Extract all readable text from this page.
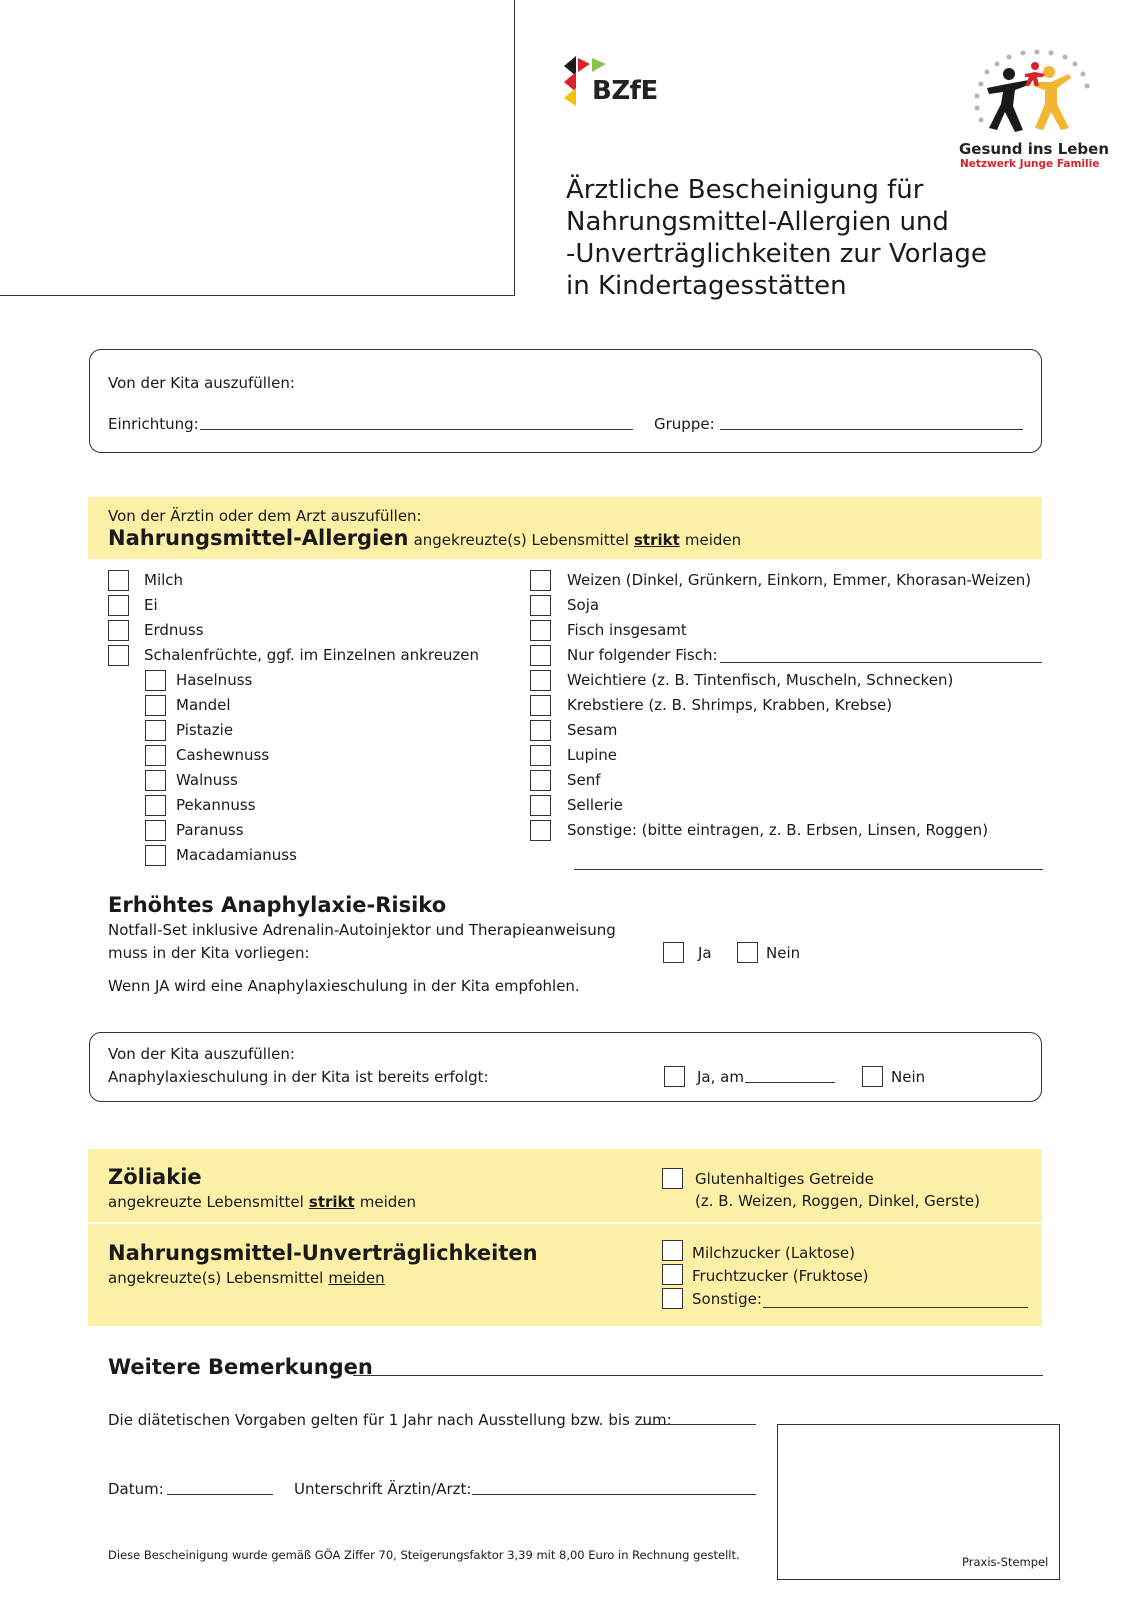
BZfE
Gesund ins Leben
Netzwerk Junge Familie
Ärztliche Bescheinigung für
Nahrungsmittel-Allergien und
-Unverträglichkeiten zur Vorlage
in Kindertagesstätten
Von der Kita auszufüllen:
Einrichtung:	Gruppe:
Von der Ärztin oder dem Arzt auszufüllen:
Nahrungsmittel-Allergien angekreuzte(s) Lebensmittel strikt meiden
Milch
Ei
Erdnuss
Schalenfrüchte, ggf. im Einzelnen ankreuzen
Haselnuss
Mandel
Pistazie
Cashewnuss
Walnuss
Pekannuss
Paranuss
Macadamianuss
Weizen (Dinkel, Grünkern, Einkorn, Emmer, Khorasan-Weizen)
Soja
Fisch insgesamt
Nur folgender Fisch:
Weichtiere (z. B. Tintenfisch, Muscheln, Schnecken)
Krebstiere (z. B. Shrimps, Krabben, Krebse)
Sesam
Lupine
Senf
Sellerie
Sonstige: (bitte eintragen, z. B. Erbsen, Linsen, Roggen)
Erhöhtes Anaphylaxie-Risiko
Notfall-Set inklusive Adrenalin-Autoinjektor und Therapieanweisung
muss in der Kita vorliegen:	Ja	Nein
Wenn JA wird eine Anaphylaxieschulung in der Kita empfohlen.
Von der Kita auszufüllen:
Anaphylaxieschulung in der Kita ist bereits erfolgt:	Ja, am	Nein
Zöliakie
angekreuzte Lebensmittel strikt meiden
Glutenhaltiges Getreide
(z. B. Weizen, Roggen, Dinkel, Gerste)
Nahrungsmittel-Unverträglichkeiten
angekreuzte(s) Lebensmittel meiden
Milchzucker (Laktose)
Fruchtzucker (Fruktose)
Sonstige:
Weitere Bemerkungen
Die diätetischen Vorgaben gelten für 1 Jahr nach Ausstellung bzw. bis zum:
Datum:	Unterschrift Ärztin/Arzt:
Praxis-Stempel
Diese Bescheinigung wurde gemäß GÖA Ziffer 70, Steigerungsfaktor 3,39 mit 8,00 Euro in Rechnung gestellt.
